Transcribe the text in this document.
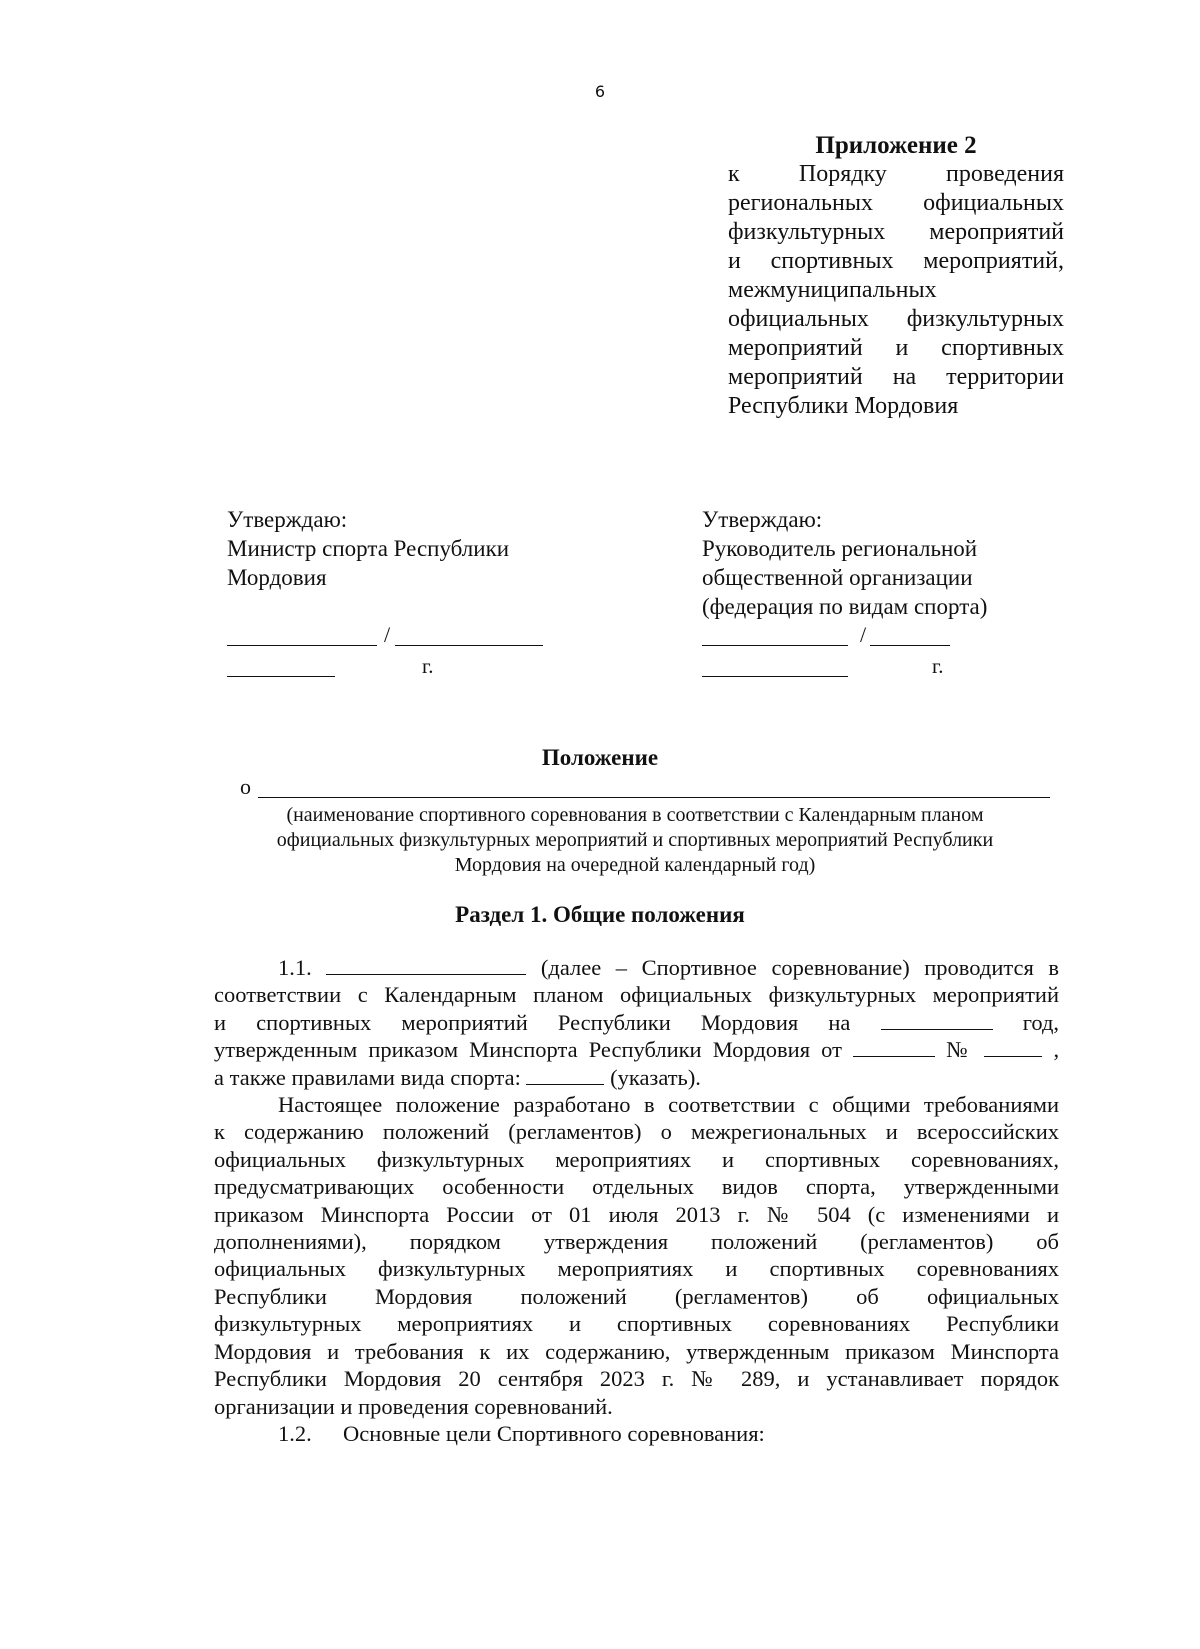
6
Приложение 2
к Порядку проведения
региональных официальных
физкультурных мероприятий
и спортивных мероприятий,
межмуниципальных
официальных физкультурных
мероприятий и спортивных
мероприятий на территории
Республики Мордовия
Утверждаю:
Министр спорта Республики
Мордовия
/
г.
Утверждаю:
Руководитель региональной
общественной организации
(федерация по видам спорта)
/
г.
Положение
о
(наименование спортивного соревнования в соответствии с Календарным планом
официальных физкультурных мероприятий и спортивных мероприятий Республики
Мордовия на очередной календарный год)
Раздел 1. Общие положения
1.1.	(далее – Спортивное соревнование) проводится в
соответствии с Календарным планом официальных физкультурных мероприятий
и спортивных мероприятий Республики Мордовия на	год,
утвержденным приказом Минспорта Республики Мордовия от	№	,
а также правилами вида спорта:	(указать).
Настоящее положение разработано в соответствии с общими требованиями
к содержанию положений (регламентов) о межрегиональных и всероссийских
официальных физкультурных мероприятиях и спортивных соревнованиях,
предусматривающих особенности отдельных видов спорта, утвержденными
приказом Минспорта России от 01 июля 2013 г. № 504 (с изменениями и
дополнениями), порядком утверждения положений (регламентов) об
официальных физкультурных мероприятиях и спортивных соревнованиях
Республики Мордовия положений (регламентов) об официальных
физкультурных мероприятиях и спортивных соревнованиях Республики
Мордовия и требования к их содержанию, утвержденным приказом Минспорта
Республики Мордовия 20 сентября 2023 г. № 289, и устанавливает порядок
организации и проведения соревнований.
1.2. Основные цели Спортивного соревнования:
